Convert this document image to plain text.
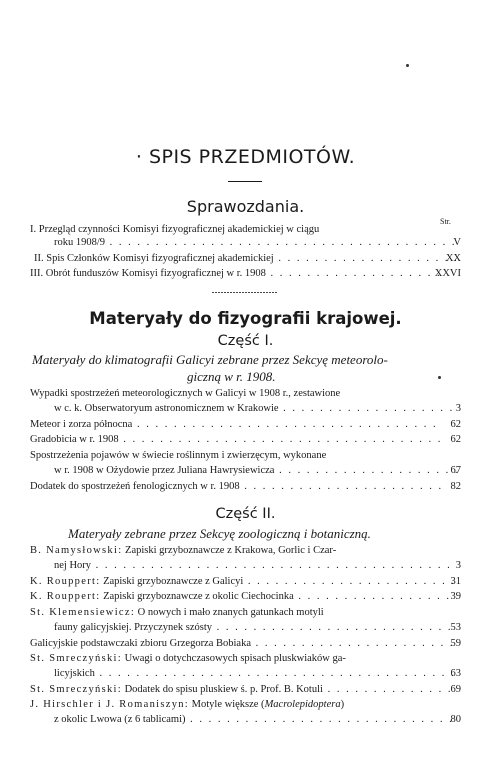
· SPIS PRZEDMIOTÓW.
Sprawozdania.
Str.
I. Przegląd czynności Komisyi fizyograficznej akademickiej w ciągu
roku 1908/9 . . .	V
II. Spis Członków Komisyi fizyograficznej akademickiej . . .	XX
III. Obrót funduszów Komisyi fizyograficznej w r. 1908 . . .	XXVI
Materyały do fizyografii krajowej.
Część I.
Materyały do klimatografii Galicyi zebrane przez Sekcyę meteorolo-
giczną w r. 1908.
Wypadki spostrzeżeń meteorologicznych w Galicyi w 1908 r., zestawione
w c. k. Obserwatoryum astronomicznem w Krakowie . . .	3
Meteor i zorza północna . . .	62
Gradobicia w r. 1908 . . .	62
Spostrzeżenia pojawów w świecie roślinnym i zwierzęcym, wykonane
w r. 1908 w Ożydowie przez Juliana Hawrysiewicza . . .	67
Dodatek do spostrzeżeń fenologicznych w r. 1908 . . .	82
Część II.
Materyały zebrane przez Sekcyę zoologiczną i botaniczną.
B. Namysłowski: Zapiski grzyboznawcze z Krakowa, Gorlic i Czar-
nej Hory . . .	3
K. Rouppert: Zapiski grzyboznawcze z Galicyi . . .	31
K. Rouppert: Zapiski grzyboznawcze z okolic Ciechocinka . . .	39
St. Klemensiewicz: O nowych i mało znanych gatunkach motyli
fauny galicyjskiej. Przyczynek szósty . . .	53
Galicyjskie podstawczaki zbioru Grzegorza Bobiaka . . .	59
St. Smreczyński: Uwagi o dotychczasowych spisach pluskwiaków ga-
licyjskich . . .	63
St. Smreczyński: Dodatek do spisu pluskiew ś. p. Prof. B. Kotuli . . .	69
J. Hirschler i J. Romaniszyn: Motyle większe (Macrolepidoptera)
z okolic Lwowa (z 6 tablicami) . . .	80
